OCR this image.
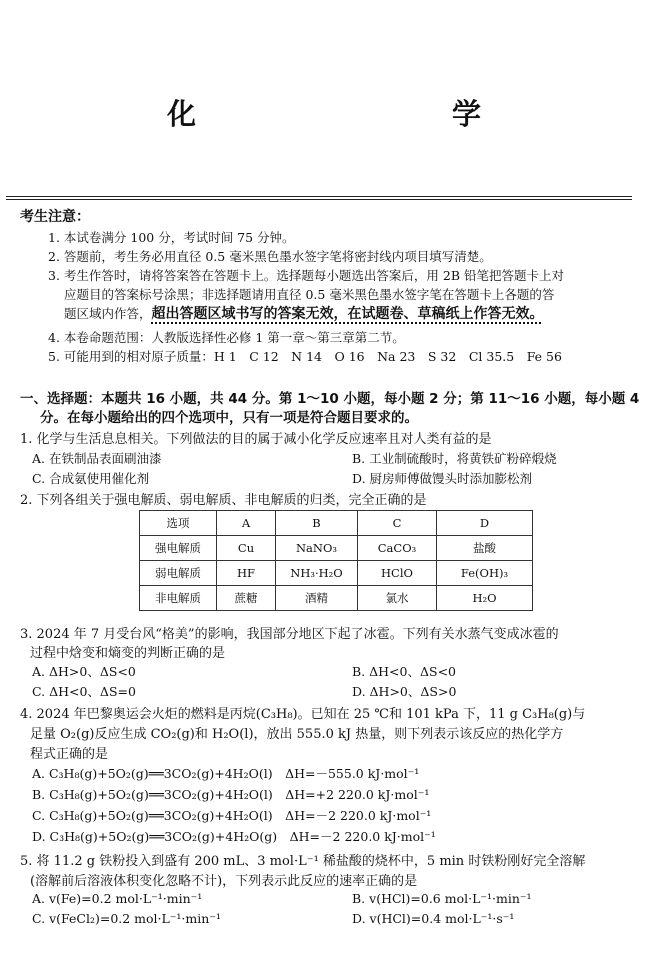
化　　学
考生注意：
1. 本试卷满分 100 分，考试时间 75 分钟。
2. 答题前，考生务必用直径 0.5 毫米黑色墨水签字笔将密封线内项目填写清楚。
3. 考生作答时，请将答案答在答题卡上。选择题每小题选出答案后，用 2B 铅笔把答题卡上对
应题目的答案标号涂黑；非选择题请用直径 0.5 毫米黑色墨水签字笔在答题卡上各题的答
题区域内作答，超出答题区域书写的答案无效，在试题卷、草稿纸上作答无效。
4. 本卷命题范围：人教版选择性必修 1 第一章～第三章第二节。
5. 可能用到的相对原子质量：H 1　C 12　N 14　O 16　Na 23　S 32　Cl 35.5　Fe 56
一、选择题：本题共 16 小题，共 44 分。第 1～10 小题，每小题 2 分；第 11～16 小题，每小题 4
分。在每小题给出的四个选项中，只有一项是符合题目要求的。
1. 化学与生活息息相关。下列做法的目的属于减小化学反应速率且对人类有益的是
A. 在铁制品表面刷油漆	B. 工业制硫酸时，将黄铁矿粉碎煅烧
C. 合成氨使用催化剂	D. 厨房师傅做馒头时添加膨松剂
2. 下列各组关于强电解质、弱电解质、非电解质的归类，完全正确的是
选项	A	B	C	D
强电解质	Cu	NaNO₃	CaCO₃	盐酸
弱电解质	HF	NH₃·H₂O	HClO	Fe(OH)₃
非电解质	蔗糖	酒精	氯水	H₂O
3. 2024 年 7 月受台风“格美”的影响，我国部分地区下起了冰雹。下列有关水蒸气变成冰雹的
过程中焓变和熵变的判断正确的是
A. ΔH>0、ΔS<0	B. ΔH<0、ΔS<0
C. ΔH<0、ΔS=0	D. ΔH>0、ΔS>0
4. 2024 年巴黎奥运会火炬的燃料是丙烷(C₃H₈)。已知在 25 ℃和 101 kPa 下，11 g C₃H₈(g)与
足量 O₂(g)反应生成 CO₂(g)和 H₂O(l)，放出 555.0 kJ 热量，则下列表示该反应的热化学方
程式正确的是
A. C₃H₈(g)+5O₂(g)══3CO₂(g)+4H₂O(l)　ΔH=－555.0 kJ·mol⁻¹
B. C₃H₈(g)+5O₂(g)══3CO₂(g)+4H₂O(l)　ΔH=+2 220.0 kJ·mol⁻¹
C. C₃H₈(g)+5O₂(g)══3CO₂(g)+4H₂O(l)　ΔH=－2 220.0 kJ·mol⁻¹
D. C₃H₈(g)+5O₂(g)══3CO₂(g)+4H₂O(g)　ΔH=－2 220.0 kJ·mol⁻¹
5. 将 11.2 g 铁粉投入到盛有 200 mL、3 mol·L⁻¹ 稀盐酸的烧杯中，5 min 时铁粉刚好完全溶解
(溶解前后溶液体积变化忽略不计)，下列表示此反应的速率正确的是
A. v(Fe)=0.2 mol·L⁻¹·min⁻¹	B. v(HCl)=0.6 mol·L⁻¹·min⁻¹
C. v(FeCl₂)=0.2 mol·L⁻¹·min⁻¹	D. v(HCl)=0.4 mol·L⁻¹·s⁻¹
